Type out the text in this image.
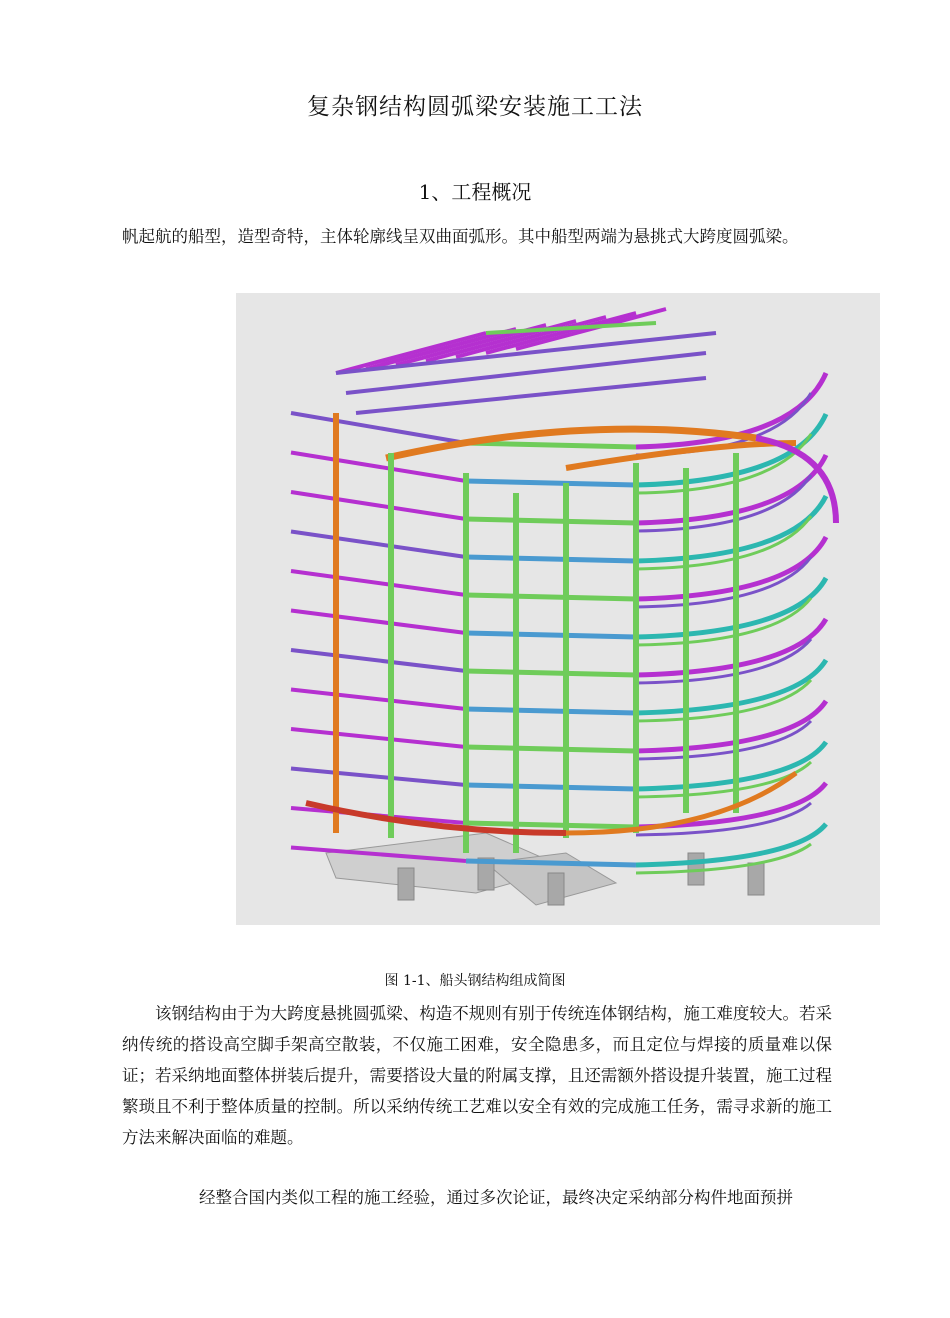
复杂钢结构圆弧梁安装施工工法
1、工程概况

帆起航的船型，造型奇特，主体轮廓线呈双曲面弧形。其中船型两端为悬挑式大跨度圆弧梁。

图 1-1、船头钢结构组成简图

该钢结构由于为大跨度悬挑圆弧梁、构造不规则有别于传统连体钢结构，施工难度较大。若采纳传统的搭设高空脚手架高空散装，不仅施工困难，安全隐患多，而且定位与焊接的质量难以保证；若采纳地面整体拼装后提升，需要搭设大量的附属支撑，且还需额外搭设提升装置，施工过程繁琐且不利于整体质量的控制。所以采纳传统工艺难以安全有效的完成施工任务，需寻求新的施工方法来解决面临的难题。

经整合国内类似工程的施工经验，通过多次论证，最终决定采纳部分构件地面预拼
